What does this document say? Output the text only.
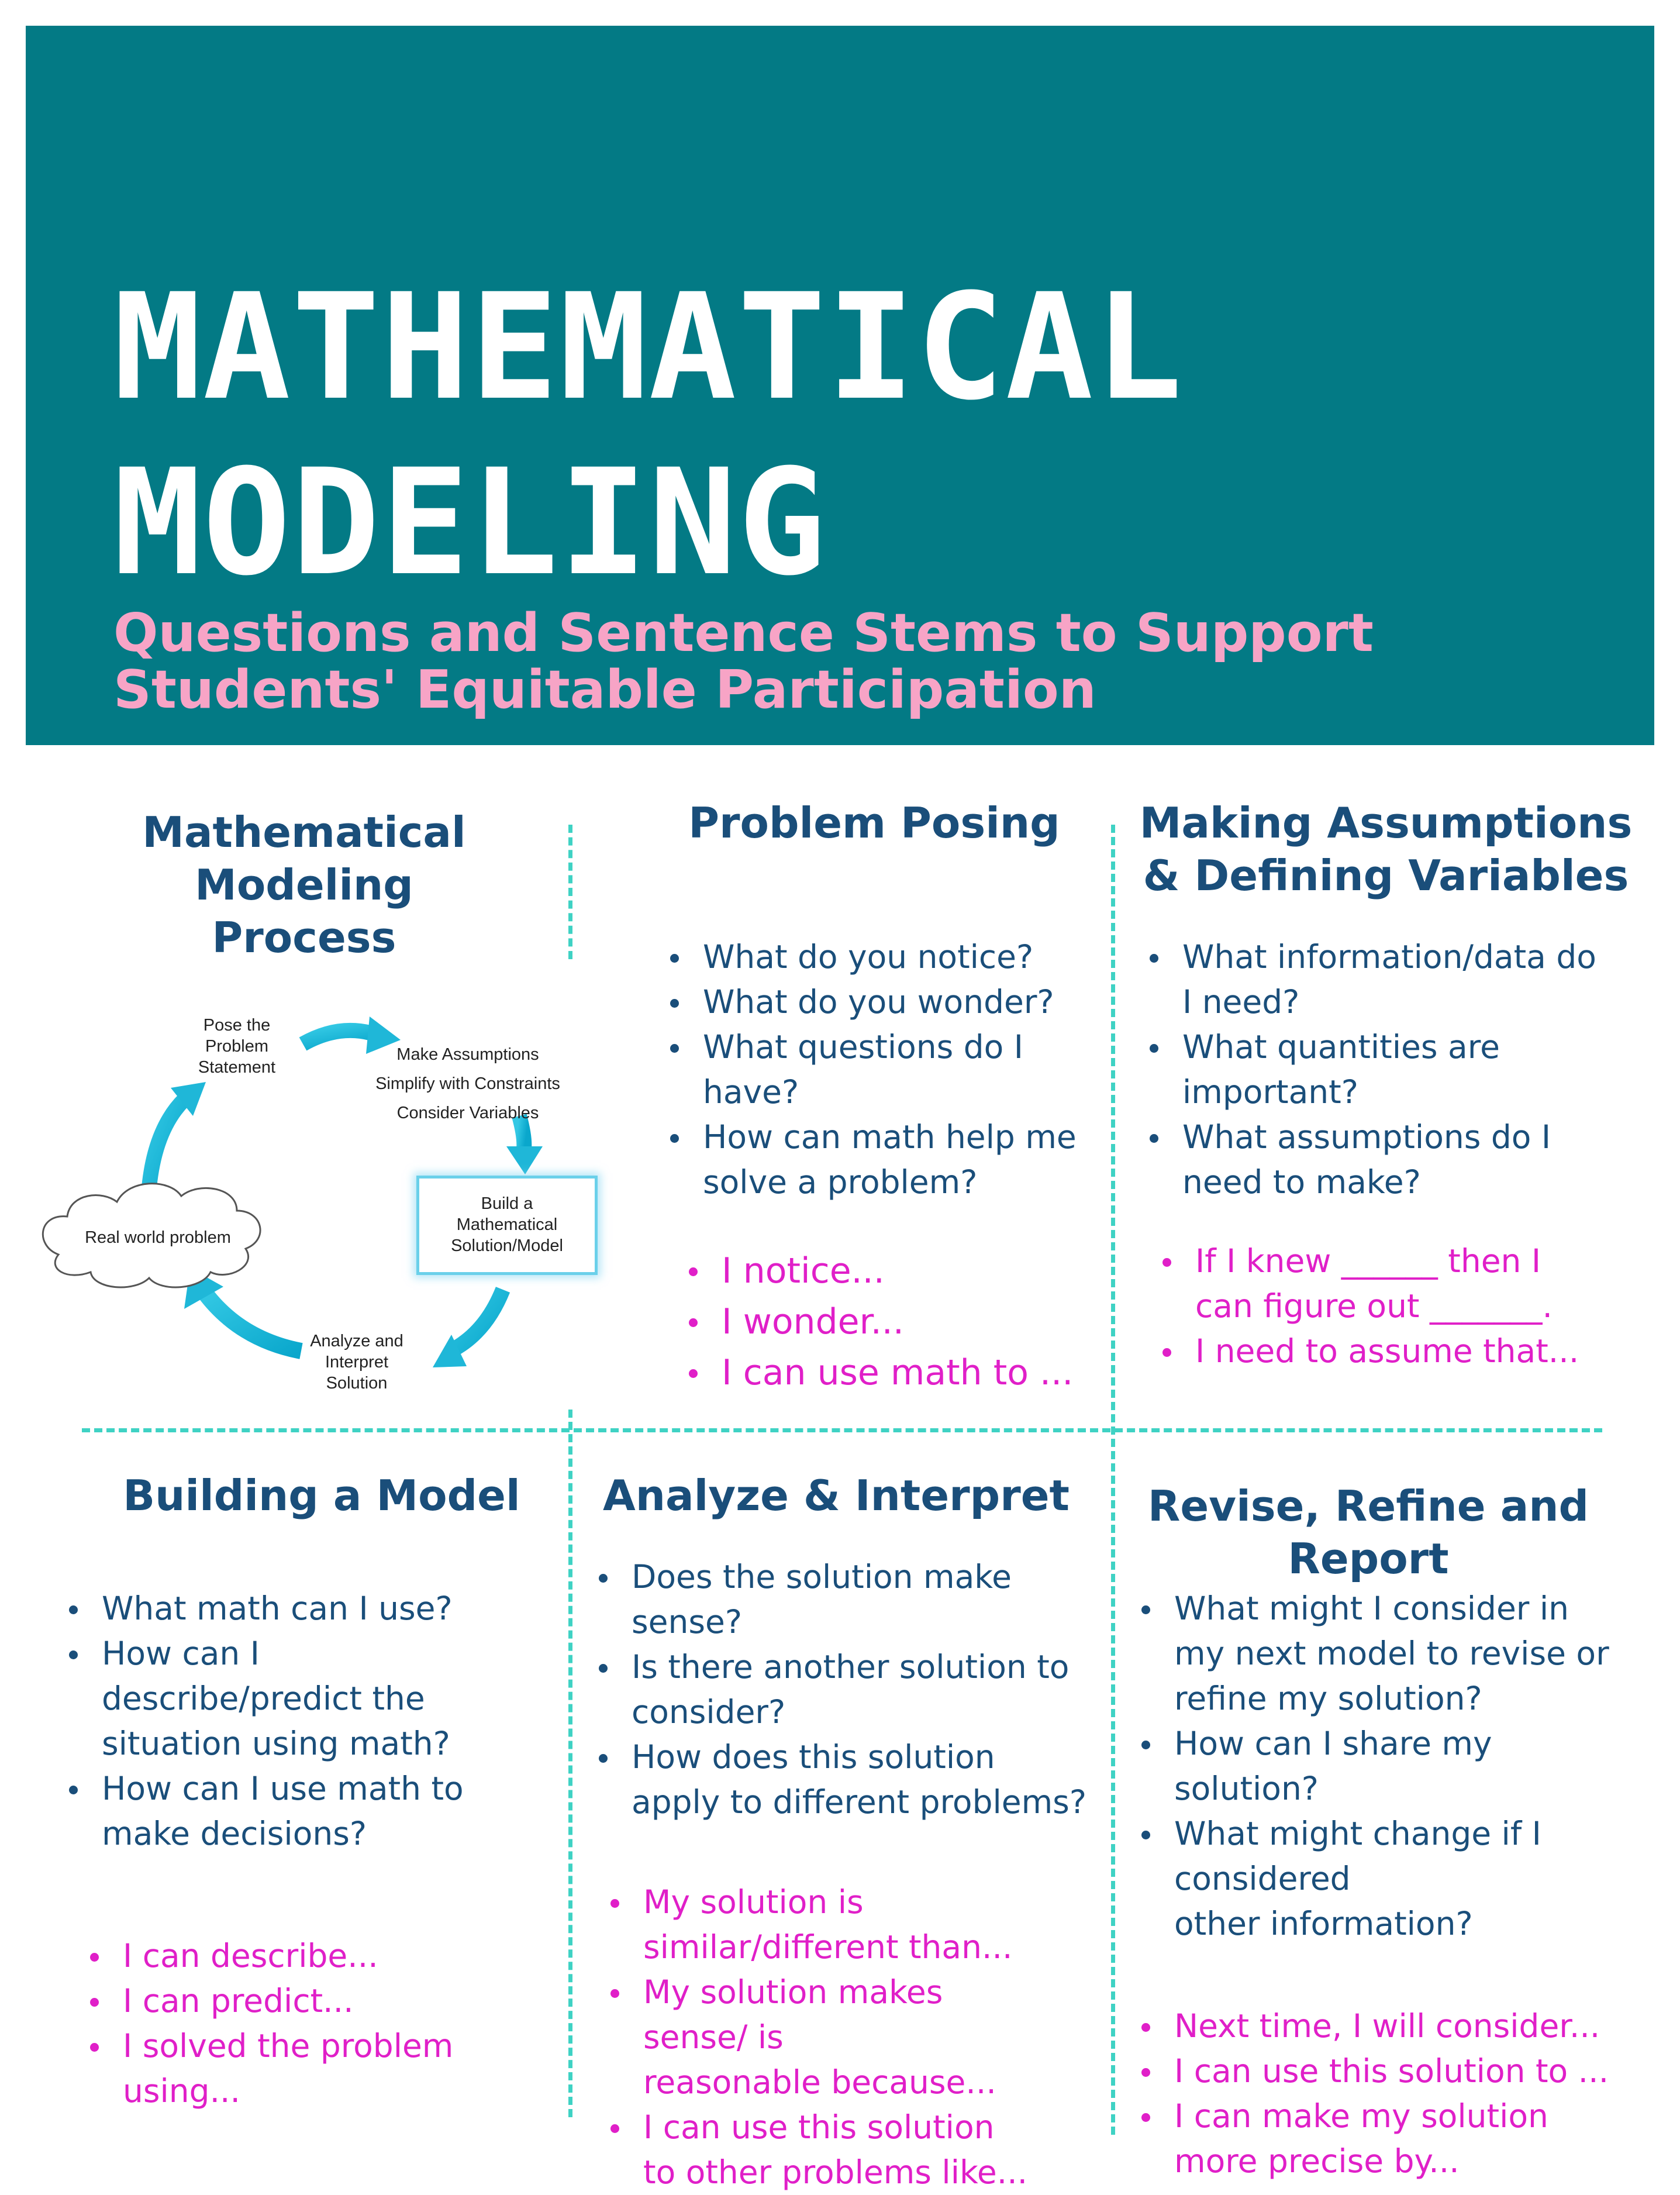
MATHEMATICAL
MODELING
Questions and Sentence Stems to Support
Students' Equitable Participation
Mathematical
Modeling
Process
Pose the
Problem
Statement
Make Assumptions
Simplify with Constraints
Consider Variables
Build a
Mathematical
Solution/Model
Analyze and
Interpret
Solution
Real world problem
Problem Posing
What do you notice?
What do you wonder?
What questions do I
have?
How can math help me
solve a problem?
I notice...
I wonder...
I can use math to ...
Making Assumptions
& Defining Variables
What information/data do
I need?
What quantities are
important?
What assumptions do I
need to make?
If I knew ______ then I
can figure out _______.
I need to assume that...
Building a Model
What math can I use?
How can I
describe/predict the
situation using math?
How can I use math to
make decisions?
I can describe...
I can predict...
I solved the problem
using...
Analyze & Interpret
Does the solution make
sense?
Is there another solution to
consider?
How does this solution
apply to different problems?
My solution is
similar/different than...
My solution makes
sense/ is
reasonable because...
I can use this solution
to other problems like...
Revise, Refine and
Report
What might I consider in
my next model to revise or
refine my solution?
How can I share my
solution?
What might change if I
considered
other information?
Next time, I will consider...
I can use this solution to ...
I can make my solution
more precise by...
